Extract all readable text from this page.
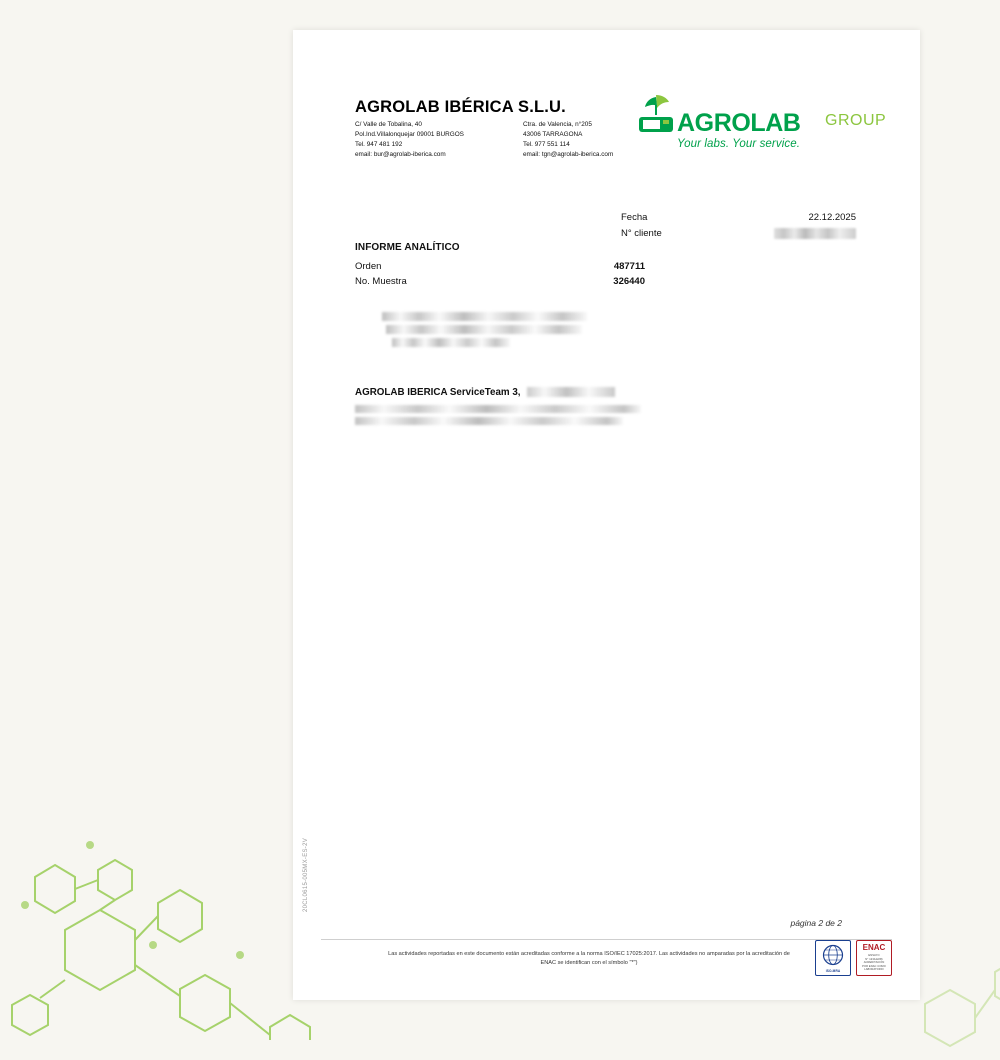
AGROLAB IBÉRICA S.L.U.
C/ Valle de Tobalina, 40
Pol.Ind.Villalonquejar 09001 BURGOS
Tel. 947 481 192
email: bur@agrolab-iberica.com
Ctra. de Valencia, n°205
43006 TARRAGONA
Tel. 977 551 114
email: tgn@agrolab-iberica.com
AGROLAB GROUP
Your labs. Your service.
Fecha	22.12.2025
N° cliente
INFORME ANALÍTICO
Orden	487711
No. Muestra	326440
AGROLAB IBERICA ServiceTeam 3,
20CL0615-005MX-ES-2V
página 2 de 2
Las actividades reportadas en este documento están acreditadas conforme a la norma ISO/IEC 17025:2017. Las actividades no amparadas por la acreditación de ENAC se identifican con el símbolo "*")
ISO-MRA
ENAC
ENSAYO
N° 123/LE456
ACREDITACIÓN
POR ENAC COMO
LABORATORIO
